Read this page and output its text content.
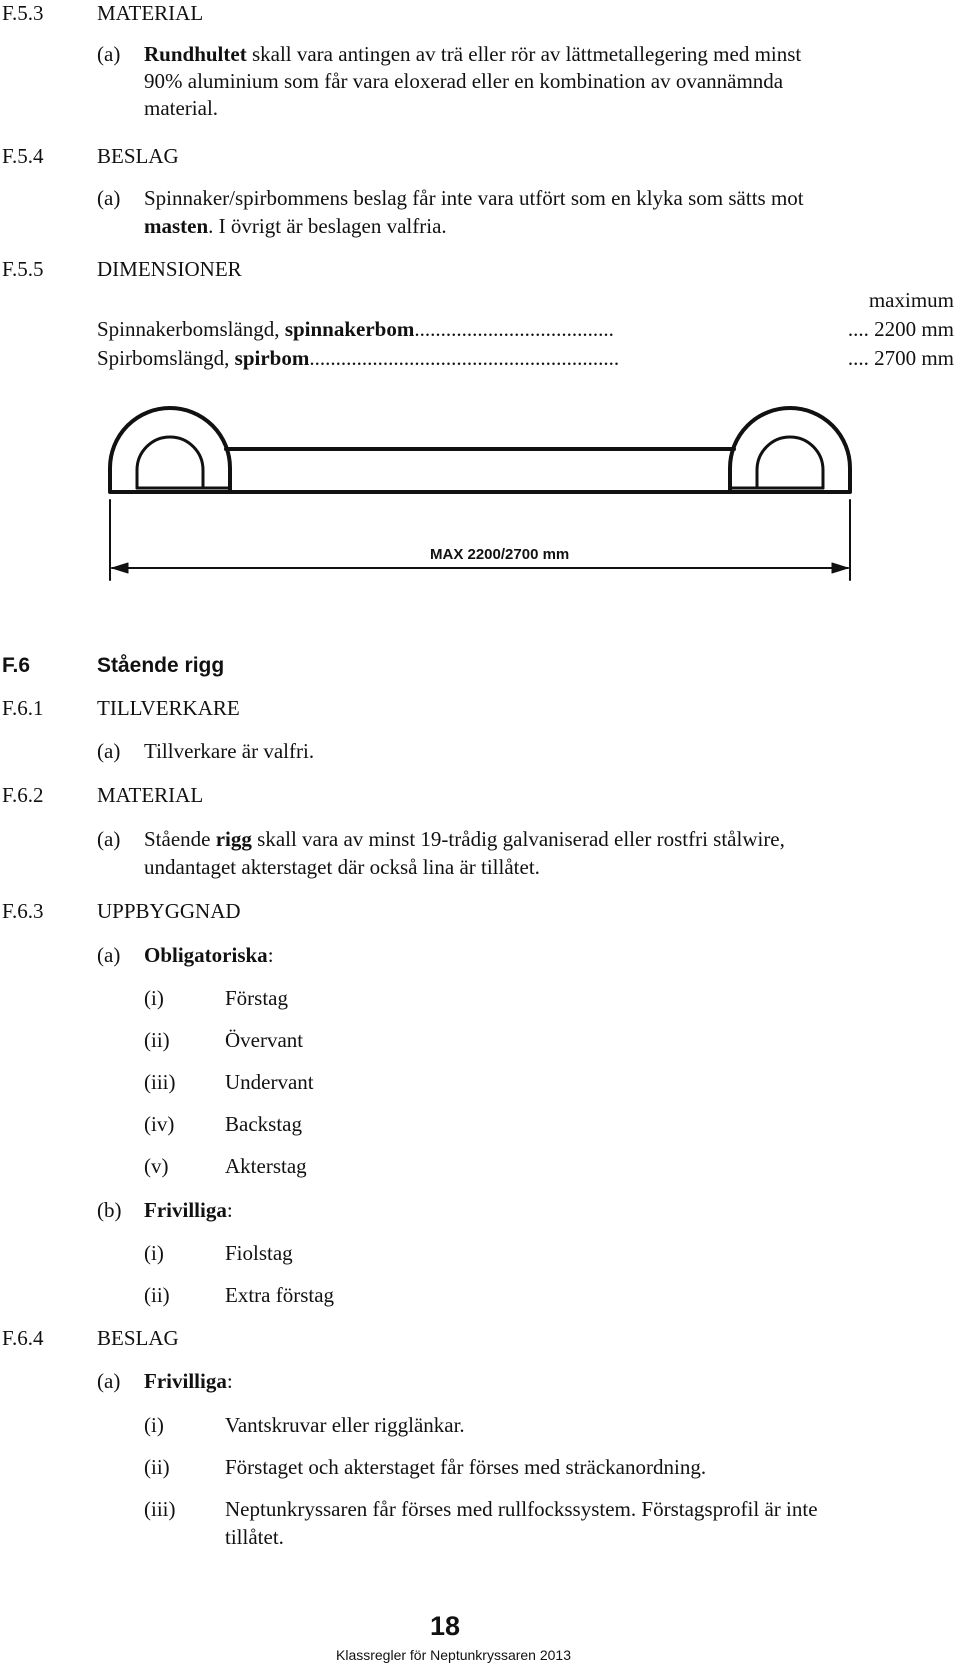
F.5.3	MATERIAL
(a) Rundhultet skall vara antingen av trä eller rör av lättmetallegering med minst
90% aluminium som får vara eloxerad eller en kombination av ovannämnda
material.
F.5.4	BESLAG
(a) Spinnaker/spirbommens beslag får inte vara utfört som en klyka som sätts mot
masten. I övrigt är beslagen valfria.
F.5.5	DIMENSIONER
maximum
Spinnakerbomslängd, spinnakerbom......................................	.... 2200 mm
Spirbomslängd, spirbom...........................................................	.... 2700 mm
MAX 2200/2700 mm
F.6	Stående rigg
F.6.1	TILLVERKARE
(a) Tillverkare är valfri.
F.6.2	MATERIAL
(a) Stående rigg skall vara av minst 19-trådig galvaniserad eller rostfri stålwire,
undantaget akterstaget där också lina är tillåtet.
F.6.3	UPPBYGGNAD
(a) Obligatoriska:
(i)	Förstag
(ii)	Övervant
(iii) Undervant
(iv) Backstag
(v)	Akterstag
(b) Frivilliga:
(i)	Fiolstag
(ii)	Extra förstag
F.6.4	BESLAG
(a) Frivilliga:
(i)	Vantskruvar eller rigglänkar.
(ii)	Förstaget och akterstaget får förses med sträckanordning.
(iii) Neptunkryssaren får förses med rullfockssystem. Förstagsprofil är inte
tillåtet.
18
Klassregler för Neptunkryssaren 2013
